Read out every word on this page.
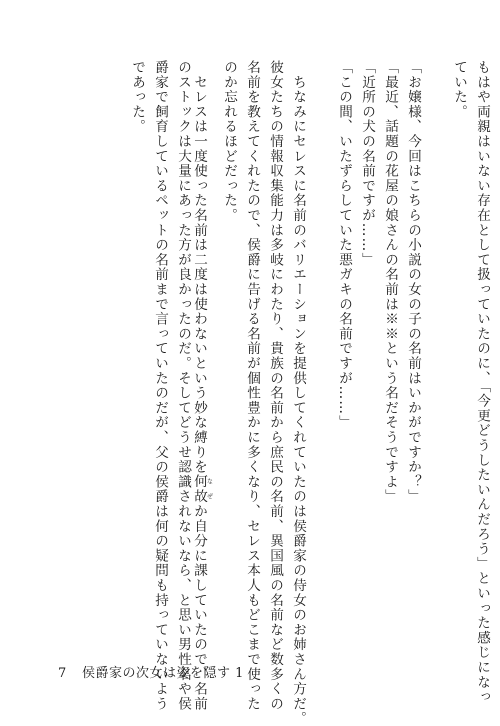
もはや両親はいない存在として扱っていたのに、「今更どうしたいんだろう」といった感じになっ
ていた。
「お嬢様、今回はこちらの小説の女の子の名前はいかがですか？」
「最近、話題の花屋の娘さんの名前は※※という名だそうですよ」
「近所の犬の名前ですが……」
「この間、いたずらしていた悪ガキの名前ですが……」
　ちなみにセレスに名前のバリエーションを提供してくれていたのは侯爵家の侍女のお姉さん方だ。
彼女たちの情報収集能力は多岐にわたり、貴族の名前から庶民の名前、異国風の名前など数多くの
名前を教えてくれたので、侯爵に告げる名前が個性豊かに多くなり、セレス本人もどこまで使った
のか忘れるほどだった。
　セレスは一度使った名前は二度は使わないという妙な縛りを何故なぜか自分に課していたので、名前
のストックは大量にあった方が良かったのだ。そしてどうせ認識されないなら、と思い男性名や侯
爵家で飼育しているペットの名前まで言っていたのだが、父の侯爵は何の疑問も持っていないよう
であった。
7 侯爵家の次女は姿を隠す 1
